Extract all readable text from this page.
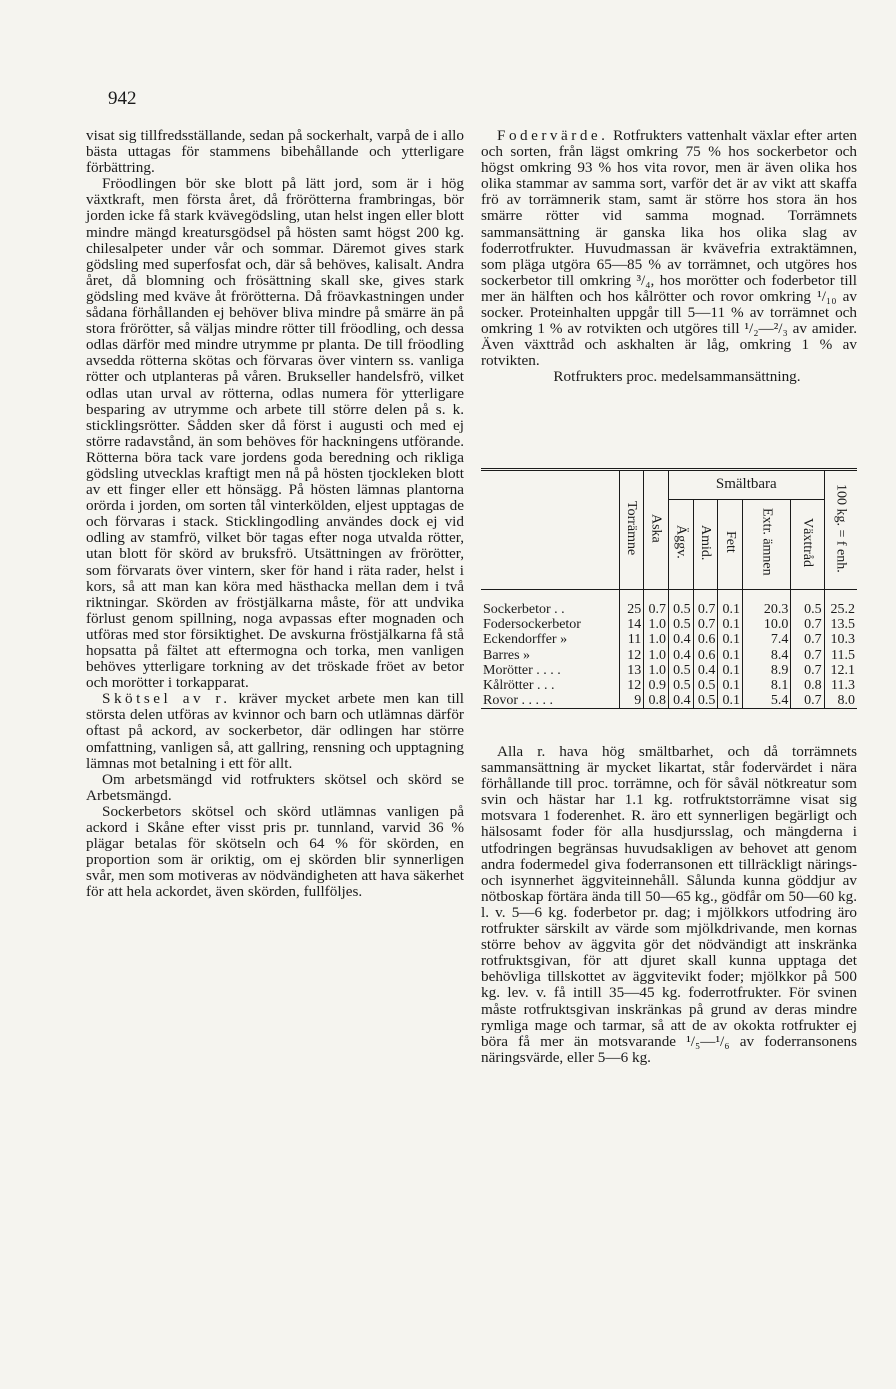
942

visat sig tillfredsställande, sedan på sockerhalt, varpå de i allo bästa uttagas för stammens bibehållande och ytterligare förbättring.

Fröodlingen bör ske blott på lätt jord, som är i hög växtkraft, men första året, då frörötterna frambringas, bör jorden icke få stark kvävegödsling, utan helst ingen eller blott mindre mängd kreatursgödsel på hösten samt högst 200 kg. chilesalpeter under vår och sommar. Däremot gives stark gödsling med superfosfat och, där så behöves, kalisalt. Andra året, då blomning och frösättning skall ske, gives stark gödsling med kväve åt frörötterna. Då fröavkastningen under sådana förhållanden ej behöver bliva mindre på smärre än på stora frörötter, så väljas mindre rötter till fröodling, och dessa odlas därför med mindre utrymme pr planta. De till fröodling avsedda rötterna skötas och förvaras över vintern ss. vanliga rötter och utplanteras på våren. Brukseller handelsfrö, vilket odlas utan urval av rötterna, odlas numera för ytterligare besparing av utrymme och arbete till större delen på s. k. sticklingsrötter. Sådden sker då först i augusti och med ej större radavstånd, än som behöves för hackningens utförande. Rötterna böra tack vare jordens goda beredning och rikliga gödsling utvecklas kraftigt men nå på hösten tjockleken blott av ett finger eller ett hönsägg. På hösten lämnas plantorna orörda i jorden, om sorten tål vinterkölden, eljest upptagas de och förvaras i stack. Sticklingodling användes dock ej vid odling av stamfrö, vilket bör tagas efter noga utvalda rötter, utan blott för skörd av bruksfrö. Utsättningen av frörötter, som förvarats över vintern, sker för hand i räta rader, helst i kors, så att man kan köra med hästhacka mellan dem i två riktningar. Skörden av fröstjälkarna måste, för att undvika förlust genom spillning, noga avpassas efter mognaden och utföras med stor försiktighet. De avskurna fröstjälkarna få stå hopsatta på fältet att eftermogna och torka, men vanligen behöves ytterligare torkning av det tröskade fröet av betor och morötter i torkapparat.

Skötsel av r. kräver mycket arbete men kan till största delen utföras av kvinnor och barn och utlämnas därför oftast på ackord, av sockerbetor, där odlingen har större omfattning, vanligen så, att gallring, rensning och upptagning lämnas mot betalning i ett för allt.

Om arbetsmängd vid rotfrukters skötsel och skörd se Arbetsmängd.

Sockerbetors skötsel och skörd utlämnas vanligen på ackord i Skåne efter visst pris pr. tunnland, varvid 36 % plägar betalas för skötseln och 64 % för skörden, en proportion som är oriktig, om ej skörden blir synnerligen svår, men som motiveras av nödvändigheten att hava säkerhet för att hela ackordet, även skörden, fullföljes.

Fodervärde. Rotfrukters vattenhalt växlar efter arten och sorten, från lägst omkring 75 % hos sockerbetor och högst omkring 93 % hos vita rovor, men är även olika hos olika stammar av samma sort, varför det är av vikt att skaffa frö av torrämnerik stam, samt är större hos stora än hos smärre rötter vid samma mognad. Torrämnets sammansättning är ganska lika hos olika slag av foderrotfrukter. Huvudmassan är kvävefria extraktämnen, som pläga utgöra 65—85 % av torrämnet, och utgöres hos sockerbetor till omkring ³/₄, hos morötter och foderbetor till mer än hälften och hos kålrötter och rovor omkring ¹/₁₀ av socker. Proteinhalten uppgår till 5—11 % av torrämnet och omkring 1 % av rotvikten och utgöres till ¹/₂—²/₃ av amider. Även växttråd och askhalten är låg, omkring 1 % av rotvikten.

Rotfrukters proc. medelsammansättning.

	Torrämne	Aska	Smältbara					100 kg. = f enh.
			Äggv.	Amid.	Fett	Extr. ämnen	Växttråd	
Sockerbetor . .	25	0.7	0.5	0.7	0.1	20.3	0.5	25.2
Fodersockerbetor	14	1.0	0.5	0.7	0.1	10.0	0.7	13.5
Eckendorffer »	11	1.0	0.4	0.6	0.1	7.4	0.7	10.3
Barres »	12	1.0	0.4	0.6	0.1	8.4	0.7	11.5
Morötter . . . .	13	1.0	0.5	0.4	0.1	8.9	0.7	12.1
Kålrötter . . .	12	0.9	0.5	0.5	0.1	8.1	0.8	11.3
Rovor . . . . .	9	0.8	0.4	0.5	0.1	5.4	0.7	8.0

Alla r. hava hög smältbarhet, och då torrämnets sammansättning är mycket likartat, står fodervärdet i nära förhållande till proc. torrämne, och för såväl nötkreatur som svin och hästar har 1.1 kg. rotfruktstorrämne visat sig motsvara 1 foderenhet. R. äro ett synnerligen begärligt och hälsosamt foder för alla husdjursslag, och mängderna i utfodringen begränsas huvudsakligen av behovet att genom andra fodermedel giva foderransonen ett tillräckligt närings- och isynnerhet äggviteinnehåll. Sålunda kunna göddjur av nötboskap förtära ända till 50—65 kg., gödfår om 50—60 kg. l. v. 5—6 kg. foderbetor pr. dag; i mjölkkors utfodring äro rotfrukter särskilt av värde som mjölkdrivande, men kornas större behov av äggvita gör det nödvändigt att inskränka rotfruktsgivan, för att djuret skall kunna upptaga det behövliga tillskottet av äggvitevikt foder; mjölkkor på 500 kg. lev. v. få intill 35—45 kg. foderrotfrukter. För svinen måste rotfruktsgivan inskränkas på grund av deras mindre rymliga mage och tarmar, så att de av okokta rotfrukter ej böra få mer än motsvarande ¹/₅—¹/₆ av foderransonens näringsvärde, eller 5—6 kg.
